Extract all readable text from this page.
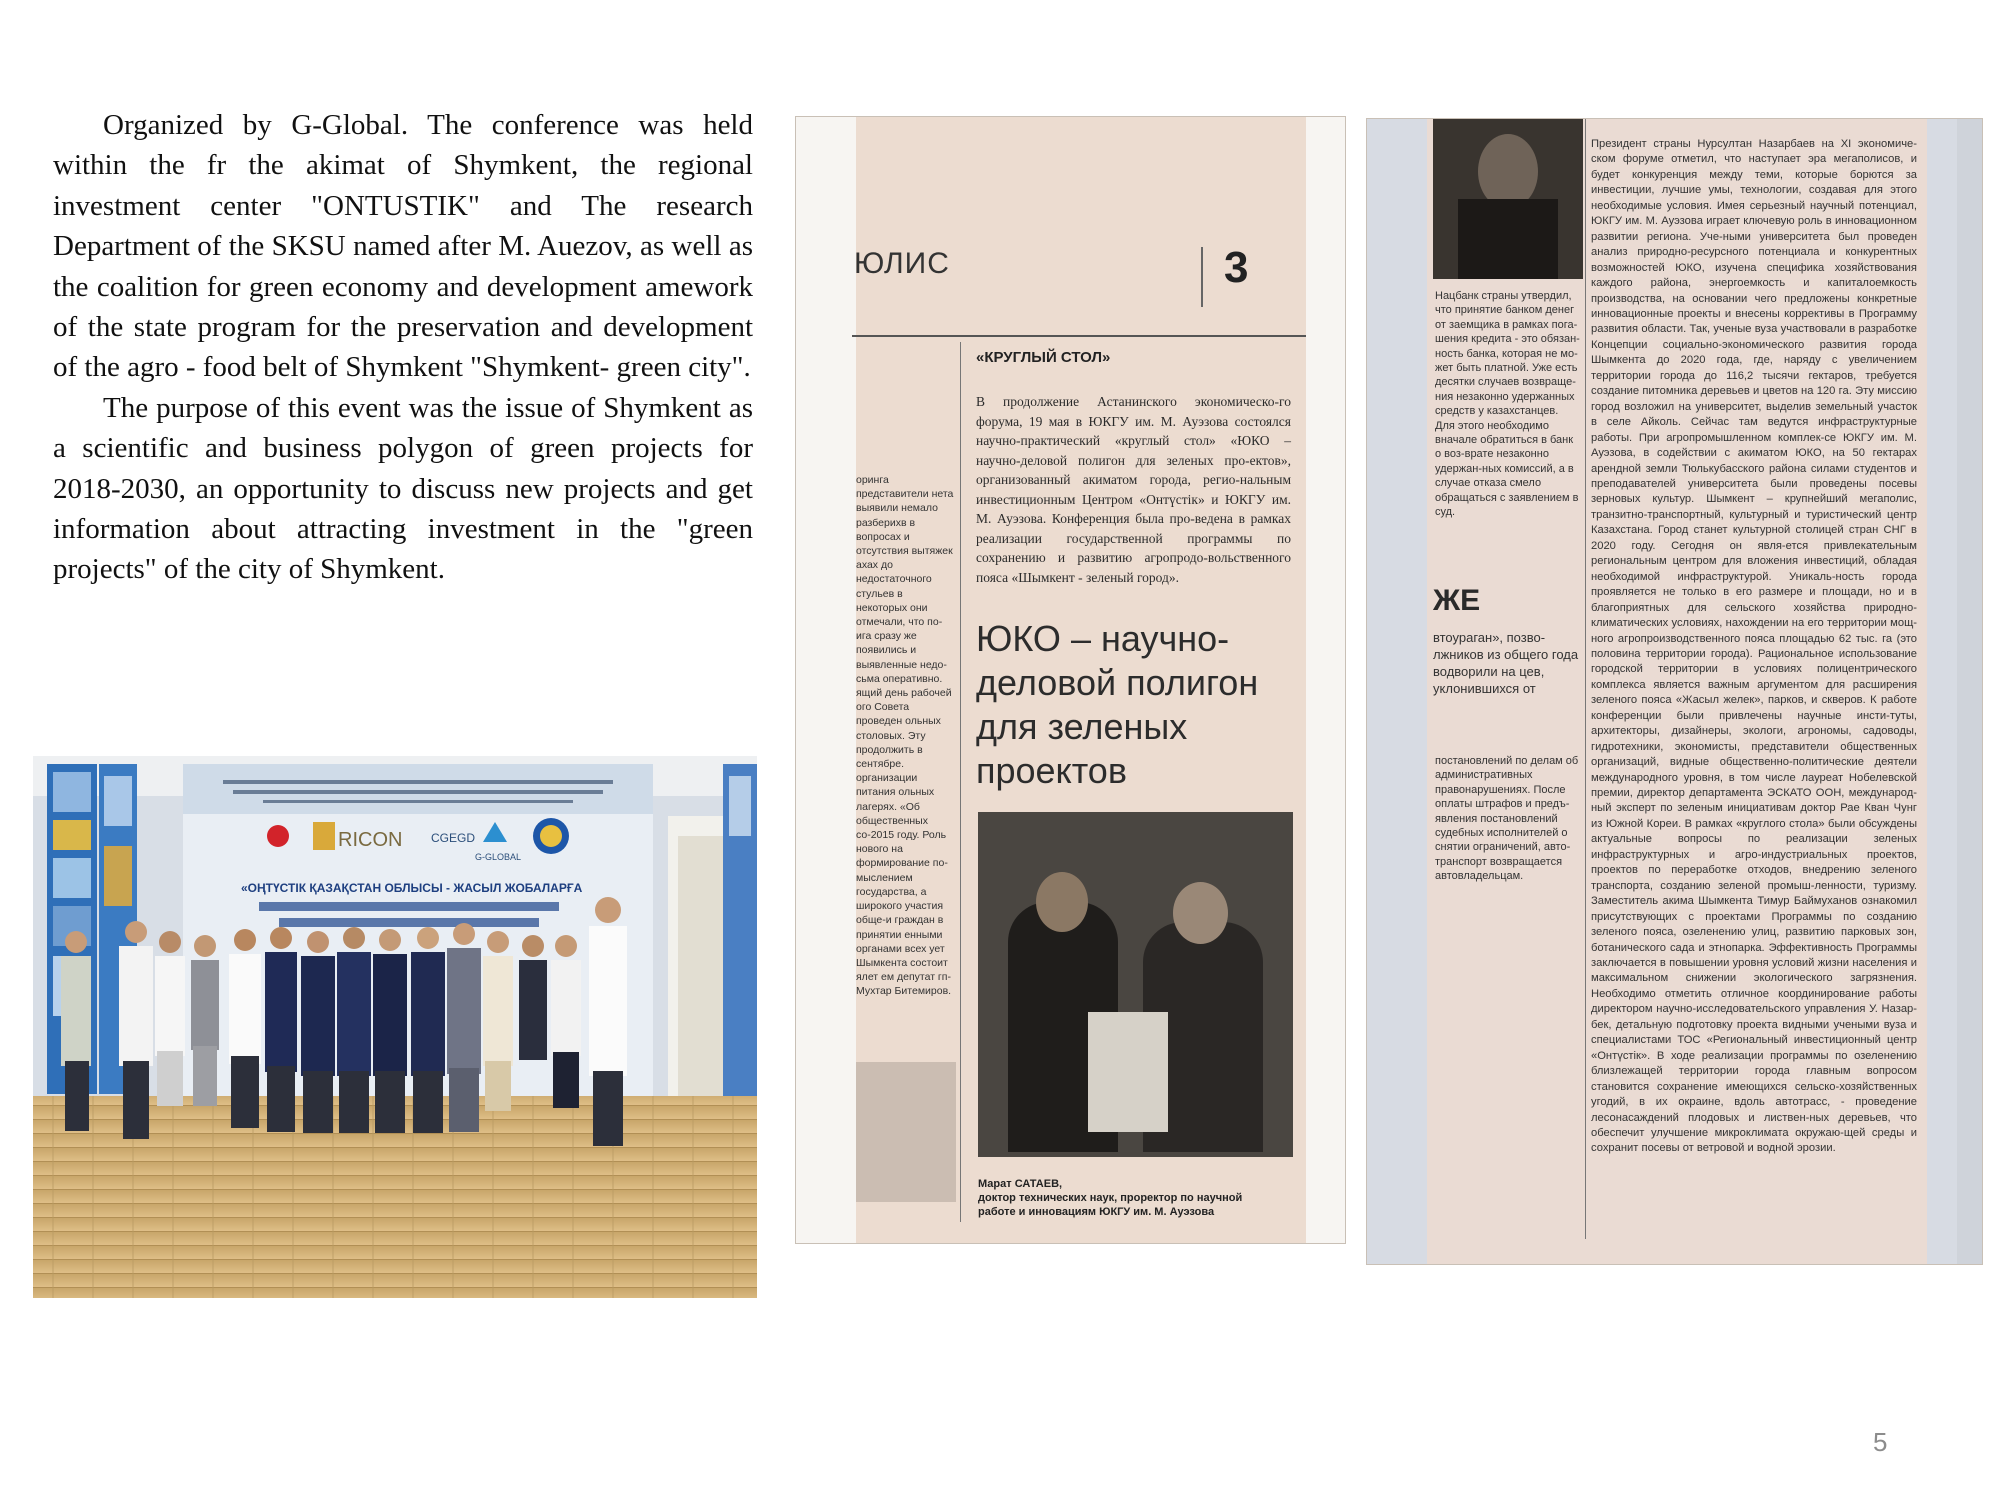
Organized by G-Global. The conference was held within the fr the akimat of Shymkent, the regional investment center "ONTUSTIK" and The research Department of the SKSU named after M. Auezov, as well as the coalition for green economy and development amework of the state program for the preservation and development of the agro - food belt of Shymkent "Shymkent- green city".

The purpose of this event was the issue of Shymkent as a scientific and business polygon of green projects for 2018-2030, an opportunity to discuss new projects and get information about attracting investment in the "green projects" of the city of Shymkent.

RICON CGEGD
G-GLOBAL
«ОҢТҮСТІК ҚАЗАҚСТАН ОБЛЫСЫ - ЖАСЫЛ ЖОБАЛАРҒА
ЮЛИС	3
оринга представители нета выявили немало разберихв в вопросах и отсутствия вытяжек ахах до недостаточного стульев в некоторых они отмечали, что по-ига сразу же появились и выявленные недо-сьма оперативно. ящий день рабочей ого Совета проведен ольных столовых. Эту продолжить в сентябре. организации питания ольных лагерях. «Об общественных со-2015 году. Роль нового на формирование по-мыслением государства, а широкого участия обще-и граждан в принятии енными органами всех ует Шымкента состоит ялет ем депутат гп-Мухтар Битемиров.
«КРУГЛЫЙ СТОЛ»
В продолжение Астанинского экономическо-го форума, 19 мая в ЮКГУ им. М. Ауэзова состоялся научно-практический «круглый стол» «ЮКО – научно-деловой полигон для зеленых про-ектов», организованный акиматом города, регио-нальным инвестиционным Центром «Онтүстік» и ЮКГУ им. М. Ауэзова. Конференция была про-ведена в рамках реализации государственной программы по сохранению и развитию агропродо-вольственного пояса «Шымкент - зеленый город».
ЮКО – научно-
деловой полигон
для зеленых
проектов
Марат САТАЕВ,
доктор технических наук, проректор по научной
работе и инновациям ЮКГУ им. М. Ауэзова
Нацбанк страны утвердил, что принятие банком денег от заемщика в рамках пога-шения кредита - это обязан-ность банка, которая не мо-жет быть платной. Уже есть десятки случаев возвраще-ния незаконно удержанных средств у казахстанцев. Для этого необходимо вначале обратиться в банк о воз-врате незаконно удержан-ных комиссий, а в случае отказа смело обращаться с заявлением в суд.
ЖЕ
втоураган», позво-лжников из общего года водворили на цев, уклонившихся от
постановлений по делам об административных правонарушениях. После оплаты штрафов и предъ-явления постановлений судебных исполнителей о снятии ограничений, авто-транспорт возвращается автовладельцам.
Президент страны Нурсултан Назарбаев на XI экономиче-ском форуме отметил, что наступает эра мегаполисов, и будет конкуренция между теми, которые борются за инвестиции, лучшие умы, технологии, создавая для этого необходимые условия. Имея серьезный научный потенциал, ЮКГУ им. М. Ауэзова играет ключевую роль в инновационном развитии региона. Уче-ными университета был проведен анализ природно-ресурсного потенциала и конкурентных возможностей ЮКО, изучена специфика хозяйствования каждого района, энергоемкость и капиталоемкость производства, на основании чего предложены конкретные инновационные проекты и внесены коррективы в Программу развития области. Так, ученые вуза участвовали в разработке Концепции социально-экономического развития города Шымкента до 2020 года, где, наряду с увеличением территории города до 116,2 тысячи гектаров, требуется создание питомника деревьев и цветов на 120 га. Эту миссию город возложил на университет, выделив земельный участок в селе Айколь. Сейчас там ведутся инфраструктурные работы. При агропромышленном комплек-се ЮКГУ им. М. Ауэзова, в содействии с акиматом ЮКО, на 50 гектарах арендной земли Тюлькубасского района силами студентов и преподавателей университета были проведены посевы зерновых культур. Шымкент – крупнейший мегаполис, транзитно-транспортный, культурный и туристический центр Казахстана. Город станет культурной столицей стран СНГ в 2020 году. Сегодня он явля-ется привлекательным региональным центром для вложения инвестиций, обладая необходимой инфраструктурой. Уникаль-ность города проявляется не только в его размере и площади, но и в благоприятных для сельского хозяйства природно-климатических условиях, нахождении на его территории мощ-ного агропроизводственного пояса площадью 62 тыс. га (это половина территории города). Рациональное использование городской территории в условиях полицентрического комплекса является важным аргументом для расширения зеленого пояса «Жасыл желек», парков, и скверов. К работе конференции были привлечены научные инсти-туты, архитекторы, дизайнеры, экологи, агрономы, садоводы, гидротехники, экономисты, представители общественных организаций, видные общественно-политические деятели международного уровня, в том числе лауреат Нобелевской премии, директор департамента ЭСКАТО ООН, международ-ный эксперт по зеленым инициативам доктор Рае Кван Чунг из Южной Кореи. В рамках «круглого стола» были обсуждены актуальные вопросы по реализации зеленых инфраструктурных и агро-индустриальных проектов, проектов по переработке отходов, внедрению зеленого транспорта, созданию зеленой промыш-ленности, туризму. Заместитель акима Шымкента Тимур Баймуханов ознакомил присутствующих с проектами Программы по созданию зеленого пояса, озеленению улиц, развитию парковых зон, ботанического сада и этнопарка. Эффективность Программы заключается в повышении уровня условий жизни населения и максимальном снижении экологического загрязнения. Необходимо отметить отличное координирование работы директором научно-исследовательского управления У. Назар-бек, детальную подготовку проекта видными учеными вуза и специалистами ТОС «Региональный инвестиционный центр «Онтүстік». В ходе реализации программы по озеленению близлежащей территории города главным вопросом становится сохранение имеющихся сельско-хозяйственных угодий, в их окраине, вдоль автотрасс, - проведение лесонасаждений плодовых и листвен-ных деревьев, что обеспечит улучшение микроклимата окружаю-щей среды и сохранит посевы от ветровой и водной эрозии.
5
